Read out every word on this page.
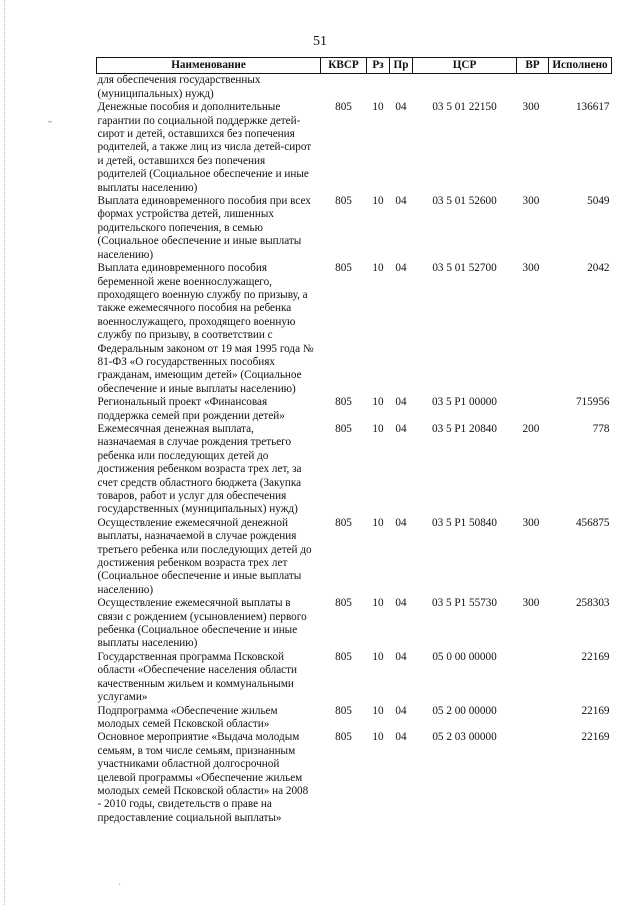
ˇ
51
Наименование	КВСР	Рз	Пр	ЦСР	ВР	Исполнено
для обеспечения государственных (муниципальных) нужд)						
Денежные пособия и дополнительные гарантии по социальной поддержке детей-сирот и детей, оставшихся без попечения родителей, а также лиц из числа детей-сирот и детей, оставшихся без попечения родителей (Социальное обеспечение и иные выплаты населению)	805	10	04	03 5 01 22150	300	136617
Выплата единовременного пособия при всех формах устройства детей, лишенных родительского попечения, в семью (Социальное обеспечение и иные выплаты населению)	805	10	04	03 5 01 52600	300	5049
Выплата единовременного пособия беременной жене военнослужащего, проходящего военную службу по призыву, а также ежемесячного пособия на ребенка военнослужащего, проходящего военную службу по призыву, в соответствии с Федеральным законом от 19 мая 1995 года № 81-ФЗ «О государственных пособиях гражданам, имеющим детей» (Социальное обеспечение и иные выплаты населению)	805	10	04	03 5 01 52700	300	2042
Региональный проект «Финансовая поддержка семей при рождении детей»	805	10	04	03 5 Р1 00000		715956
Ежемесячная денежная выплата, назначаемая в случае рождения третьего ребенка или последующих детей до достижения ребенком возраста трех лет, за счет средств областного бюджета (Закупка товаров, работ и услуг для обеспечения государственных (муниципальных) нужд)	805	10	04	03 5 Р1 20840	200	778
Осуществление ежемесячной денежной выплаты, назначаемой в случае рождения третьего ребенка или последующих детей до достижения ребенком возраста трех лет (Социальное обеспечение и иные выплаты населению)	805	10	04	03 5 Р1 50840	300	456875
Осуществление ежемесячной выплаты в связи с рождением (усыновлением) первого ребенка (Социальное обеспечение и иные выплаты населению)	805	10	04	03 5 Р1 55730	300	258303
Государственная программа Псковской области «Обеспечение населения области качественным жильем и коммунальными услугами»	805	10	04	05 0 00 00000		22169
Подпрограмма «Обеспечение жильем молодых семей Псковской области»	805	10	04	05 2 00 00000		22169
Основное мероприятие «Выдача молодым семьям, в том числе семьям, признанным участниками областной долгосрочной целевой программы «Обеспечение жильем молодых семей Псковской области» на 2008 - 2010 годы, свидетельств о праве на предоставление социальной выплаты»	805	10	04	05 2 03 00000		22169
·
